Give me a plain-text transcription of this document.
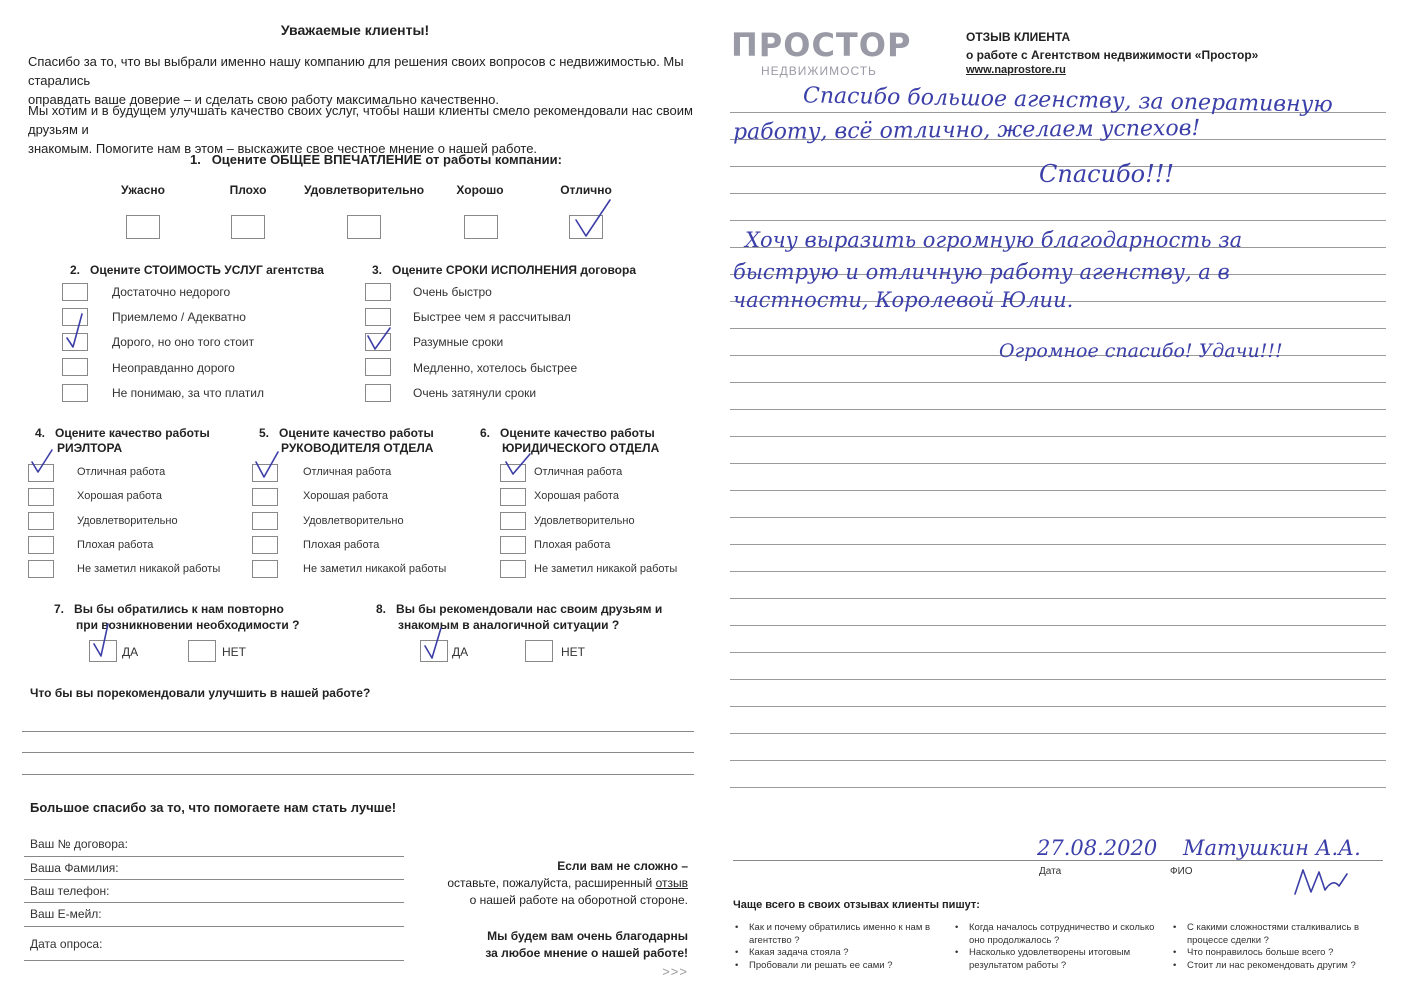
Уважаемые клиенты!
Спасибо за то, что вы выбрали именно нашу компанию для решения своих вопросов с недвижимостью. Мы старались
оправдать ваше доверие – и сделать свою работу максимально качественно.
Мы хотим и в будущем улучшать качество своих услуг, чтобы наши клиенты смело рекомендовали нас своим друзьям и
знакомым. Помогите нам в этом – выскажите свое честное мнение о нашей работе.
1. Оцените ОБЩЕЕ ВПЕЧАТЛЕНИЕ от работы компании:
Ужасно	Плохо	Удовлетворительно	Хорошо	Отлично
2. Оцените СТОИМОСТЬ УСЛУГ агентства
Достаточно недорого
Приемлемо / Адекватно
Дорого, но оно того стоит
Неоправданно дорого
Не понимаю, за что платил
3. Оцените СРОКИ ИСПОЛНЕНИЯ договора
Очень быстро
Быстрее чем я рассчитывал
Разумные сроки
Медленно, хотелось быстрее
Очень затянули сроки
4. Оцените качество работы
РИЭЛТОРА
Отличная работа
Хорошая работа
Удовлетворительно
Плохая работа
Не заметил никакой работы
5. Оцените качество работы
РУКОВОДИТЕЛЯ ОТДЕЛА
Отличная работа
Хорошая работа
Удовлетворительно
Плохая работа
Не заметил никакой работы
6. Оцените качество работы
ЮРИДИЧЕСКОГО ОТДЕЛА
Отличная работа
Хорошая работа
Удовлетворительно
Плохая работа
Не заметил никакой работы
7. Вы бы обратились к нам повторно
при возникновении необходимости ?
ДА	НЕТ
8. Вы бы рекомендовали нас своим друзьям и
знакомым в аналогичной ситуации ?
ДА	НЕТ
Что бы вы порекомендовали улучшить в нашей работе?
Большое спасибо за то, что помогаете нам стать лучше!
Ваш № договора:
Ваша Фамилия:
Ваш телефон:
Ваш Е-мейл:
Дата опроса:
Если вам не сложно –
оставьте, пожалуйста, расширенный отзыв
о нашей работе на оборотной стороне.
Мы будем вам очень благодарны
за любое мнение о нашей работе!
>>>
ПРОСТОР
НЕДВИЖИМОСТЬ
ОТЗЫВ КЛИЕНТА
о работе с Агентством недвижимости «Простор»
www.naprostore.ru
Спасибо большое агенству, за оперативную
работу, всё отлично, желаем успехов!
Спасибо!!!
Хочу выразить огромную благодарность за
быструю и отличную работу агенству, а в
частности, Королевой Юлии.
Огромное спасибо! Удачи!!!
27.08.2020 Матушкин А.А.
Дата	ФИО
Чаще всего в своих отзывах клиенты пишут:
• Как и почему обратились именно к нам в агентство ?
• Какая задача стояла ?
• Пробовали ли решать ее сами ?
• Когда началось сотрудничество и сколько оно продолжалось ?
• Насколько удовлетворены итоговым результатом работы ?
• С какими сложностями сталкивались в процессе сделки ?
• Что понравилось больше всего ?
• Стоит ли нас рекомендовать другим ?
